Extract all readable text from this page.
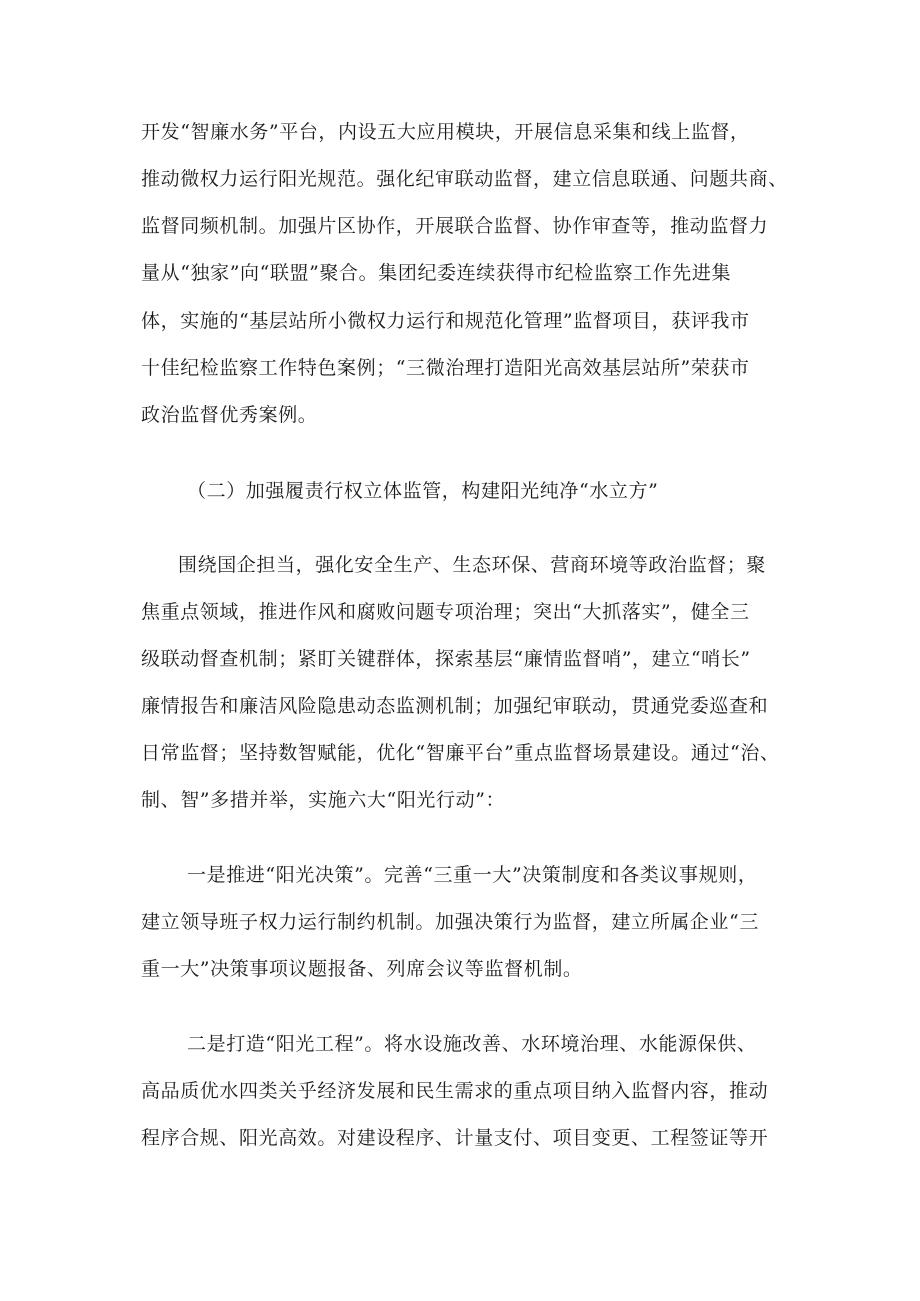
开发“智廉水务”平台，内设五大应用模块，开展信息采集和线上监督，
推动微权力运行阳光规范。强化纪审联动监督，建立信息联通、问题共商、
监督同频机制。加强片区协作，开展联合监督、协作审查等，推动监督力
量从“独家”向“联盟”聚合。集团纪委连续获得市纪检监察工作先进集
体，实施的“基层站所小微权力运行和规范化管理”监督项目，获评我市
十佳纪检监察工作特色案例；“三微治理打造阳光高效基层站所”荣获市
政治监督优秀案例。
（二）加强履责行权立体监管，构建阳光纯净“水立方”
围绕国企担当，强化安全生产、生态环保、营商环境等政治监督；聚
焦重点领域，推进作风和腐败问题专项治理；突出“大抓落实”，健全三
级联动督查机制；紧盯关键群体，探索基层“廉情监督哨”，建立“哨长”
廉情报告和廉洁风险隐患动态监测机制；加强纪审联动，贯通党委巡查和
日常监督；坚持数智赋能，优化“智廉平台”重点监督场景建设。通过“治、
制、智”多措并举，实施六大“阳光行动”：
一是推进“阳光决策”。完善“三重一大”决策制度和各类议事规则，
建立领导班子权力运行制约机制。加强决策行为监督，建立所属企业“三
重一大”决策事项议题报备、列席会议等监督机制。
二是打造“阳光工程”。将水设施改善、水环境治理、水能源保供、
高品质优水四类关乎经济发展和民生需求的重点项目纳入监督内容，推动
程序合规、阳光高效。对建设程序、计量支付、项目变更、工程签证等开
